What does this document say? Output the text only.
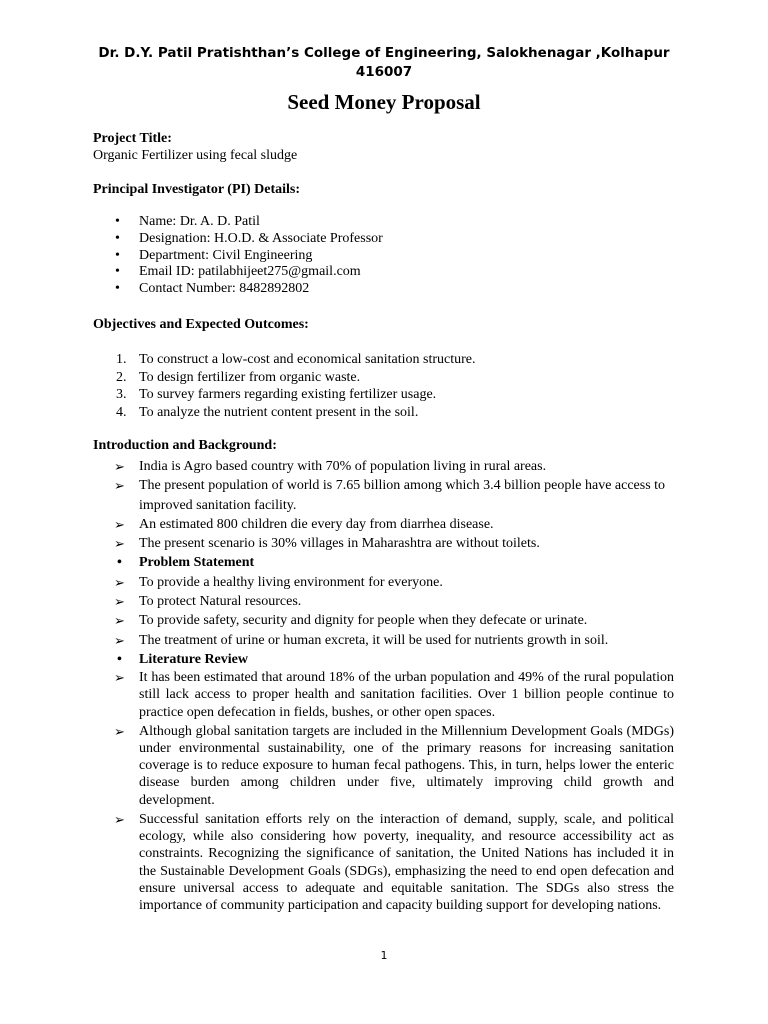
Dr. D.Y. Patil Pratishthan’s College of Engineering, Salokhenagar ,Kolhapur 416007
Seed Money Proposal
Project Title:
Organic Fertilizer using fecal sludge
Principal Investigator (PI) Details:
• Name: Dr. A. D. Patil
• Designation: H.O.D. & Associate Professor
• Department: Civil Engineering
• Email ID: patilabhijeet275@gmail.com
• Contact Number: 8482892802
Objectives and Expected Outcomes:
1. To construct a low-cost and economical sanitation structure.
2. To design fertilizer from organic waste.
3. To survey farmers regarding existing fertilizer usage.
4. To analyze the nutrient content present in the soil.
Introduction and Background:
➢ India is Agro based country with 70% of population living in rural areas.
➢ The present population of world is 7.65 billion among which 3.4 billion people have access to improved sanitation facility.
➢ An estimated 800 children die every day from diarrhea disease.
➢ The present scenario is 30% villages in Maharashtra are without toilets.
• Problem Statement
➢ To provide a healthy living environment for everyone.
➢ To protect Natural resources.
➢ To provide safety, security and dignity for people when they defecate or urinate.
➢ The treatment of urine or human excreta, it will be used for nutrients growth in soil.
• Literature Review
➢ It has been estimated that around 18% of the urban population and 49% of the rural population still lack access to proper health and sanitation facilities. Over 1 billion people continue to practice open defecation in fields, bushes, or other open spaces.
➢ Although global sanitation targets are included in the Millennium Development Goals (MDGs) under environmental sustainability, one of the primary reasons for increasing sanitation coverage is to reduce exposure to human fecal pathogens. This, in turn, helps lower the enteric disease burden among children under five, ultimately improving child growth and development.
➢ Successful sanitation efforts rely on the interaction of demand, supply, scale, and political ecology, while also considering how poverty, inequality, and resource accessibility act as constraints. Recognizing the significance of sanitation, the United Nations has included it in the Sustainable Development Goals (SDGs), emphasizing the need to end open defecation and ensure universal access to adequate and equitable sanitation. The SDGs also stress the importance of community participation and capacity building support for developing nations.
1
